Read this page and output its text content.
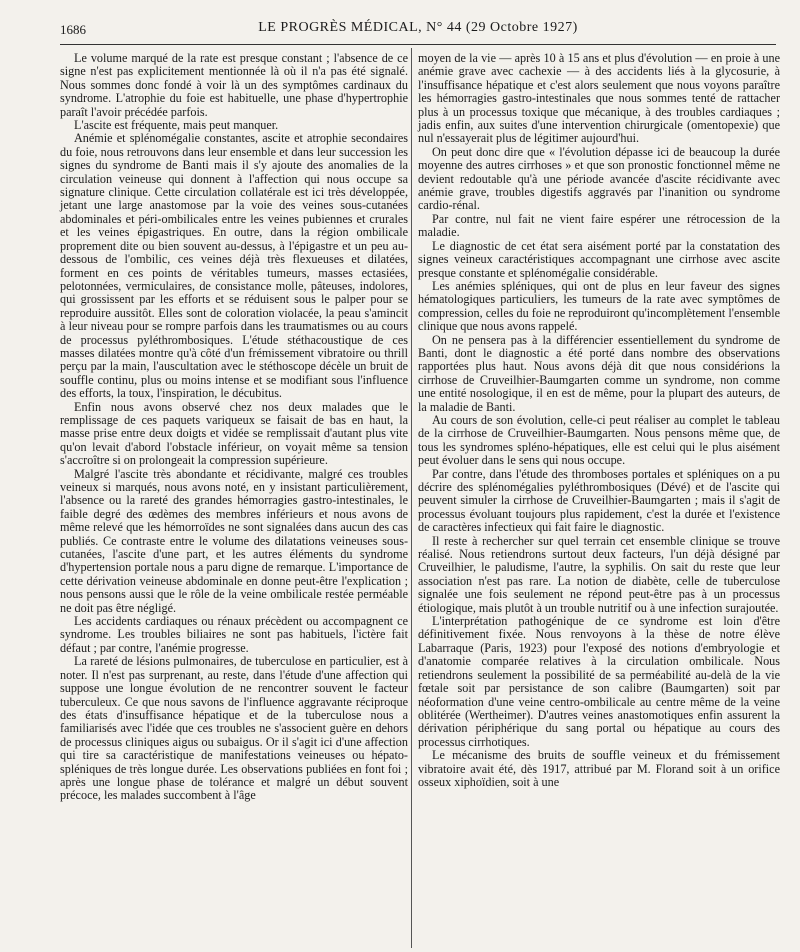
1686	LE PROGRÈS MÉDICAL, N° 44 (29 Octobre 1927)

Le volume marqué de la rate est presque constant ; l'absence de ce signe n'est pas explicitement mentionnée là où il n'a pas été signalé. Nous sommes donc fondé à voir là un des symptômes cardinaux du syndrome. L'atrophie du foie est habituelle, une phase d'hypertrophie paraît l'avoir précédée parfois.

L'ascite est fréquente, mais peut manquer.

Anémie et splénomégalie constantes, ascite et atrophie secondaires du foie, nous retrouvons dans leur ensemble et dans leur succession les signes du syndrome de Banti mais il s'y ajoute des anomalies de la circulation veineuse qui donnent à l'affection qui nous occupe sa signature clinique. Cette circulation collatérale est ici très développée, jetant une large anastomose par la voie des veines sous-cutanées abdominales et péri-ombilicales entre les veines pubiennes et crurales et les veines épigastriques. En outre, dans la région ombilicale proprement dite ou bien souvent au-dessus, à l'épigastre et un peu au-dessous de l'ombilic, ces veines déjà très flexueuses et dilatées, forment en ces points de véritables tumeurs, masses ectasiées, pelotonnées, vermiculaires, de consistance molle, pâteuses, indolores, qui grossissent par les efforts et se réduisent sous le palper pour se reproduire aussitôt. Elles sont de coloration violacée, la peau s'amincit à leur niveau pour se rompre parfois dans les traumatismes ou au cours de processus pyléthrombosiques. L'étude stéthacoustique de ces masses dilatées montre qu'à côté d'un frémissement vibratoire ou thrill perçu par la main, l'auscultation avec le stéthoscope décèle un bruit de souffle continu, plus ou moins intense et se modifiant sous l'influence des efforts, la toux, l'inspiration, le décubitus.

Enfin nous avons observé chez nos deux malades que le remplissage de ces paquets variqueux se faisait de bas en haut, la masse prise entre deux doigts et vidée se remplissait d'autant plus vite qu'on levait d'abord l'obstacle inférieur, on voyait même sa tension s'accroître si on prolongeait la compression supérieure.

Malgré l'ascite très abondante et récidivante, malgré ces troubles veineux si marqués, nous avons noté, en y insistant particulièrement, l'absence ou la rareté des grandes hémorragies gastro-intestinales, le faible degré des œdèmes des membres inférieurs et nous avons de même relevé que les hémorroïdes ne sont signalées dans aucun des cas publiés. Ce contraste entre le volume des dilatations veineuses sous-cutanées, l'ascite d'une part, et les autres éléments du syndrome d'hypertension portale nous a paru digne de remarque. L'importance de cette dérivation veineuse abdominale en donne peut-être l'explication ; nous pensons aussi que le rôle de la veine ombilicale restée perméable ne doit pas être négligé.

Les accidents cardiaques ou rénaux précèdent ou accompagnent ce syndrome. Les troubles biliaires ne sont pas habituels, l'ictère fait défaut ; par contre, l'anémie progresse.

La rareté de lésions pulmonaires, de tuberculose en particulier, est à noter. Il n'est pas surprenant, au reste, dans l'étude d'une affection qui suppose une longue évolution de ne rencontrer souvent le facteur tuberculeux. Ce que nous savons de l'influence aggravante réciproque des états d'insuffisance hépatique et de la tuberculose nous a familiarisés avec l'idée que ces troubles ne s'associent guère en dehors de processus cliniques aigus ou subaigus. Or il s'agit ici d'une affection qui tire sa caractéristique de manifestations veineuses ou hépato-spléniques de très longue durée. Les observations publiées en font foi ; après une longue phase de tolérance et malgré un début souvent précoce, les malades succombent à l'âge

moyen de la vie — après 10 à 15 ans et plus d'évolution — en proie à une anémie grave avec cachexie — à des accidents liés à la glycosurie, à l'insuffisance hépatique et c'est alors seulement que nous voyons paraître les hémorragies gastro-intestinales que nous sommes tenté de rattacher plus à un processus toxique que mécanique, à des troubles cardiaques ; jadis enfin, aux suites d'une intervention chirurgicale (omentopexie) que nul n'essayerait plus de légitimer aujourd'hui.

On peut donc dire que « l'évolution dépasse ici de beaucoup la durée moyenne des autres cirrhoses » et que son pronostic fonctionnel même ne devient redoutable qu'à une période avancée d'ascite récidivante avec anémie grave, troubles digestifs aggravés par l'inanition ou syndrome cardio-rénal.

Par contre, nul fait ne vient faire espérer une rétrocession de la maladie.

Le diagnostic de cet état sera aisément porté par la constatation des signes veineux caractéristiques accompagnant une cirrhose avec ascite presque constante et splénomégalie considérable.

Les anémies spléniques, qui ont de plus en leur faveur des signes hématologiques particuliers, les tumeurs de la rate avec symptômes de compression, celles du foie ne reproduiront qu'incomplètement l'ensemble clinique que nous avons rappelé.

On ne pensera pas à la différencier essentiellement du syndrome de Banti, dont le diagnostic a été porté dans nombre des observations rapportées plus haut. Nous avons déjà dit que nous considérions la cirrhose de Cruveilhier-Baumgarten comme un syndrome, non comme une entité nosologique, il en est de même, pour la plupart des auteurs, de la maladie de Banti.

Au cours de son évolution, celle-ci peut réaliser au complet le tableau de la cirrhose de Cruveilhier-Baumgarten. Nous pensons même que, de tous les syndromes spléno-hépatiques, elle est celui qui le plus aisément peut évoluer dans le sens qui nous occupe.

Par contre, dans l'étude des thromboses portales et spléniques on a pu décrire des splénomégalies pyléthrombosiques (Dévé) et de l'ascite qui peuvent simuler la cirrhose de Cruveilhier-Baumgarten ; mais il s'agit de processus évoluant toujours plus rapidement, c'est la durée et l'existence de caractères infectieux qui fait faire le diagnostic.

Il reste à rechercher sur quel terrain cet ensemble clinique se trouve réalisé. Nous retiendrons surtout deux facteurs, l'un déjà désigné par Cruveilhier, le paludisme, l'autre, la syphilis. On sait du reste que leur association n'est pas rare. La notion de diabète, celle de tuberculose signalée une fois seulement ne répond peut-être pas à un processus étiologique, mais plutôt à un trouble nutritif ou à une infection surajoutée.

L'interprétation pathogénique de ce syndrome est loin d'être définitivement fixée. Nous renvoyons à la thèse de notre élève Labarraque (Paris, 1923) pour l'exposé des notions d'embryologie et d'anatomie comparée relatives à la circulation ombilicale. Nous retiendrons seulement la possibilité de sa perméabilité au-delà de la vie fœtale soit par persistance de son calibre (Baumgarten) soit par néoformation d'une veine centro-ombilicale au centre même de la veine oblitérée (Wertheimer). D'autres veines anastomotiques enfin assurent la dérivation périphérique du sang portal ou hépatique au cours des processus cirrhotiques.

Le mécanisme des bruits de souffle veineux et du frémissement vibratoire avait été, dès 1917, attribué par M. Florand soit à un orifice osseux xiphoïdien, soit à une
